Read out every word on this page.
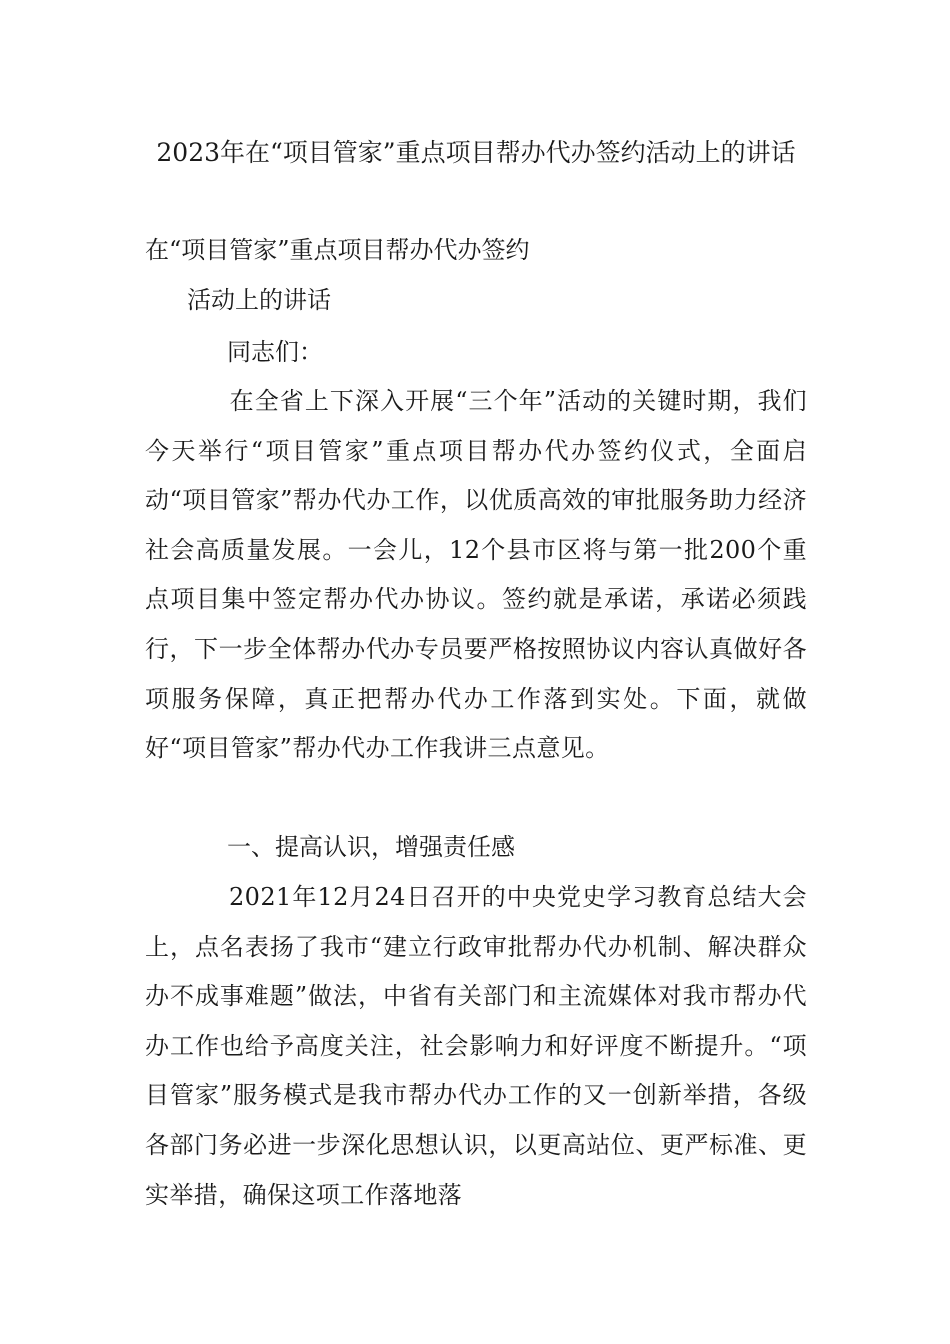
2023年在“项目管家”重点项目帮办代办签约活动上的讲话
在“项目管家”重点项目帮办代办签约
活动上的讲话
同志们：

在全省上下深入开展“三个年”活动的关键时期，我们今天举行“项目管家”重点项目帮办代办签约仪式，全面启动“项目管家”帮办代办工作，以优质高效的审批服务助力经济社会高质量发展。一会儿，12个县市区将与第一批200个重点项目集中签定帮办代办协议。签约就是承诺，承诺必须践行，下一步全体帮办代办专员要严格按照协议内容认真做好各项服务保障，真正把帮办代办工作落到实处。下面，就做好“项目管家”帮办代办工作我讲三点意见。

一、提高认识，增强责任感

2021年12月24日召开的中央党史学习教育总结大会上，点名表扬了我市“建立行政审批帮办代办机制、解决群众办不成事难题”做法，中省有关部门和主流媒体对我市帮办代办工作也给予高度关注，社会影响力和好评度不断提升。“项目管家”服务模式是我市帮办代办工作的又一创新举措，各级各部门务必进一步深化思想认识，以更高站位、更严标准、更实举措，确保这项工作落地落
